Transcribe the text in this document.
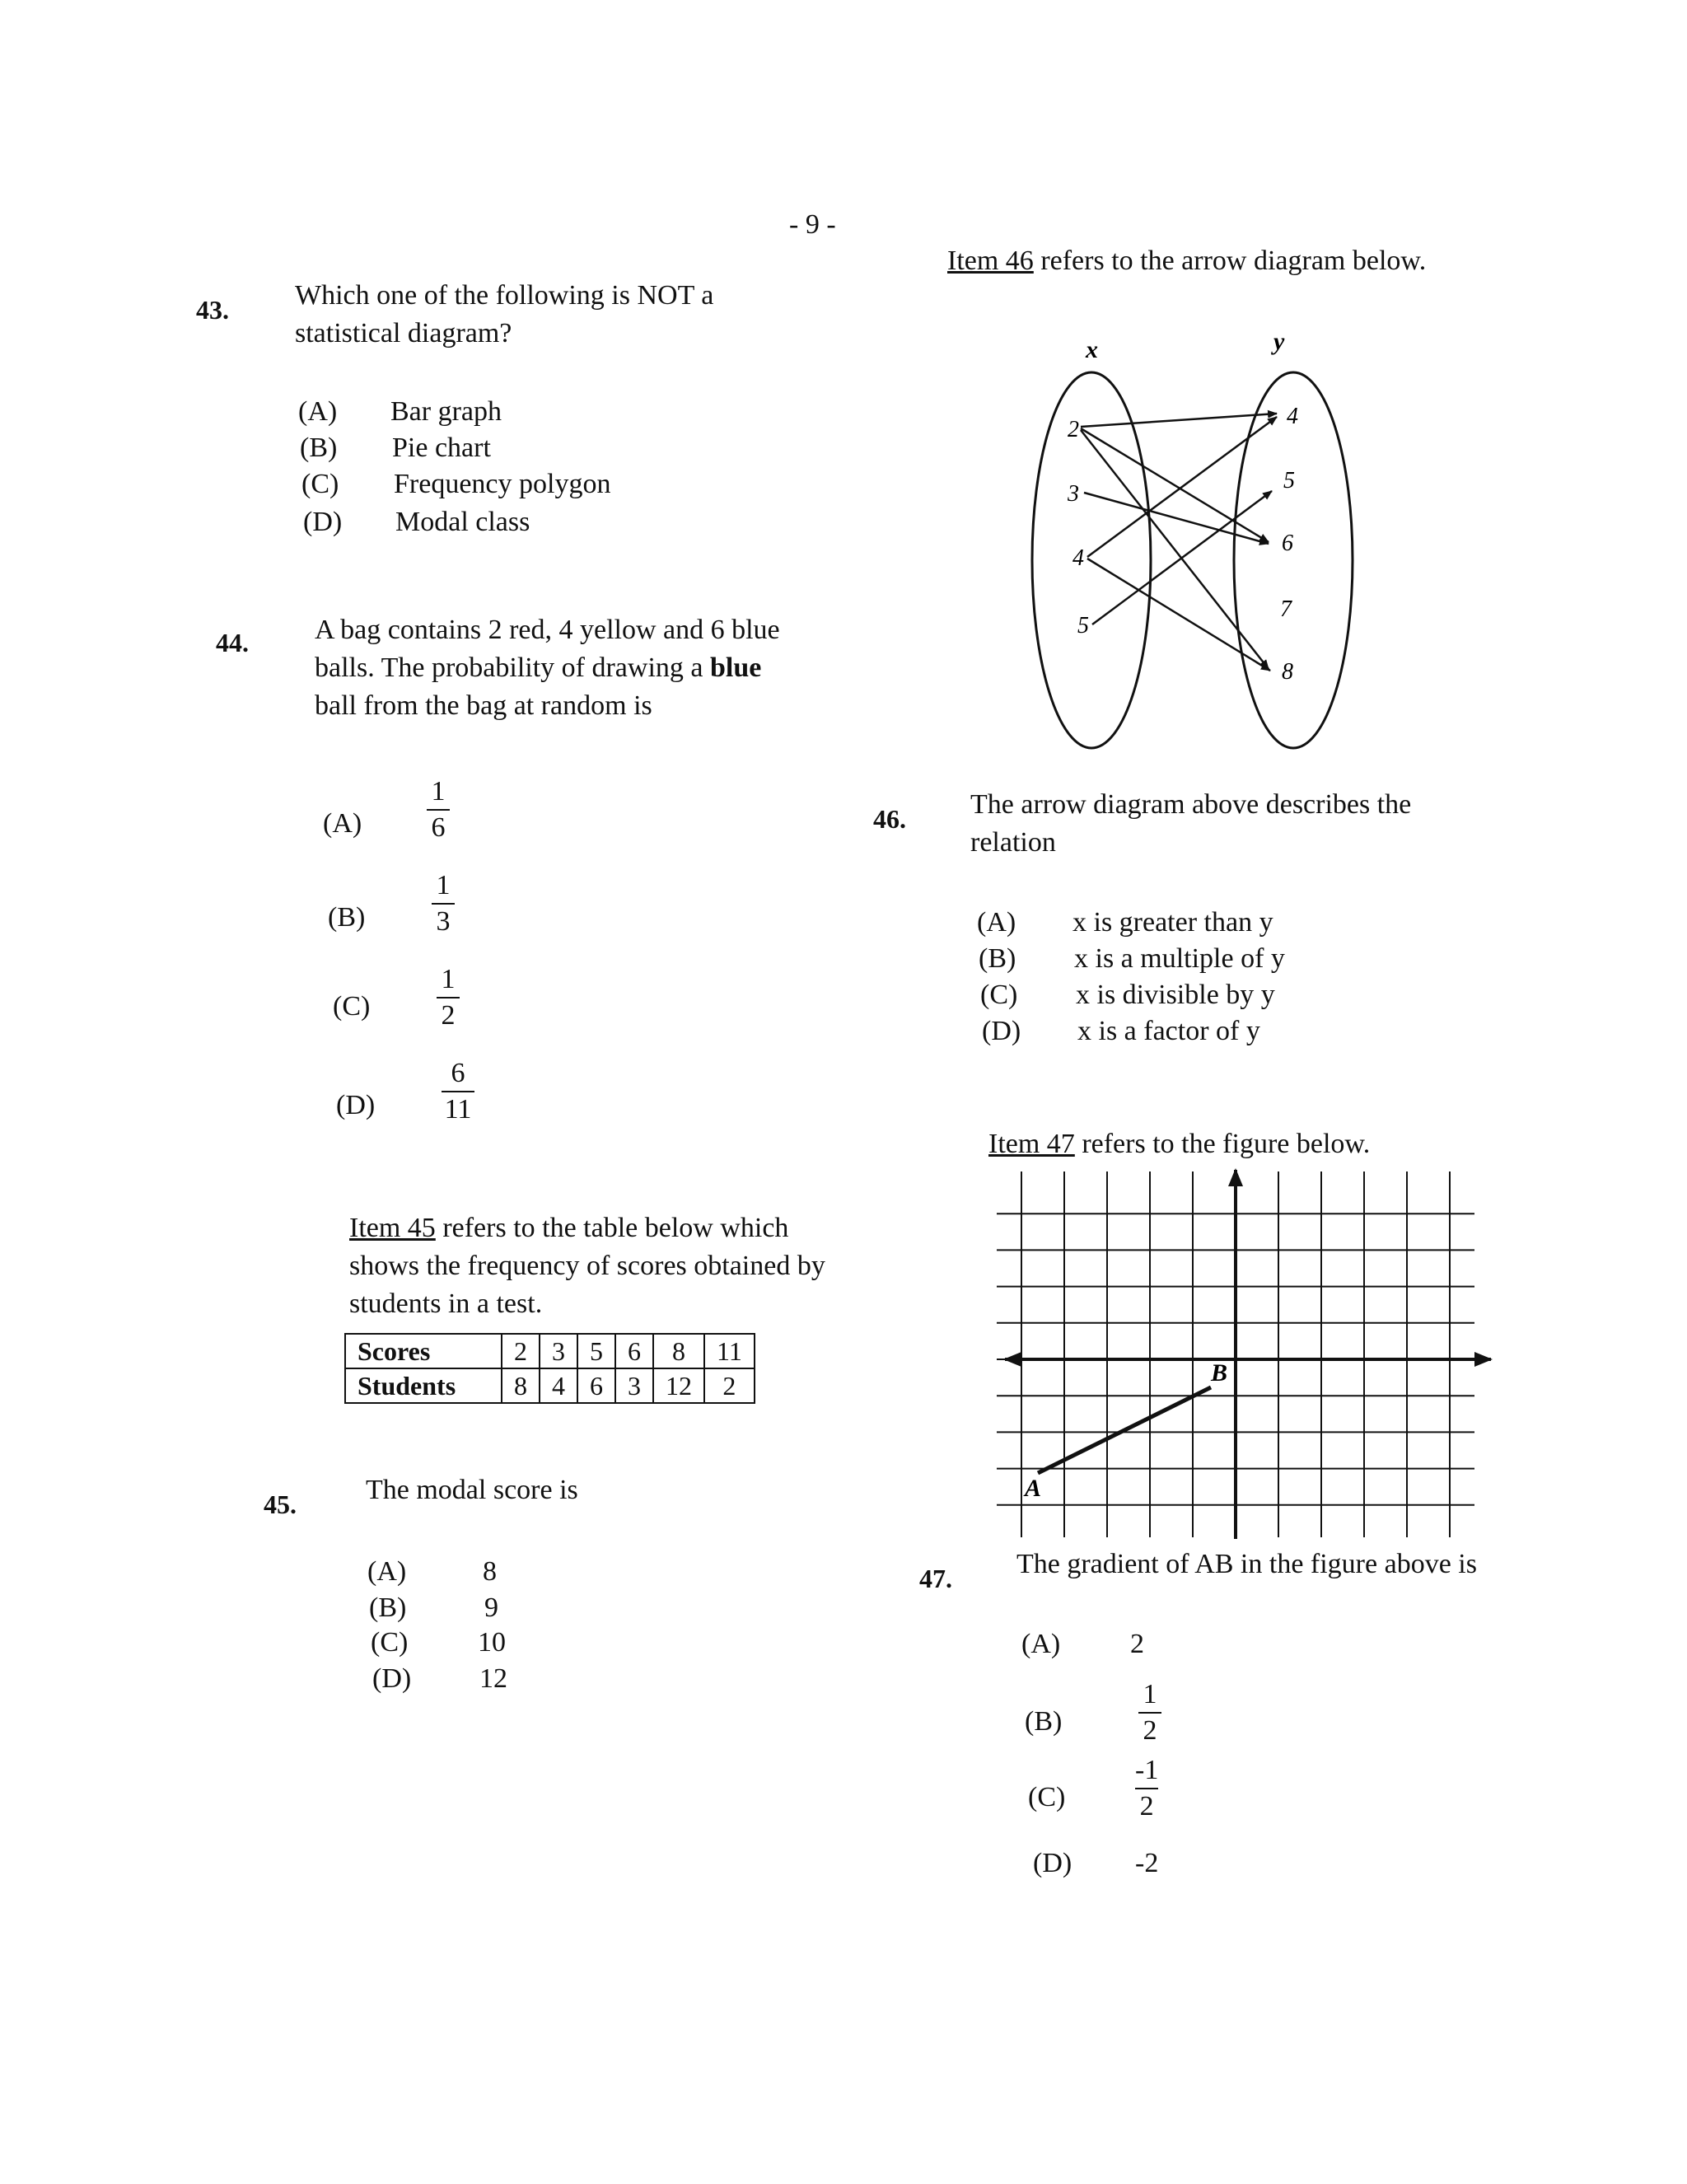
- 9 -
43. Which one of the following is NOT a
statistical diagram?
(A) Bar graph
(B) Pie chart
(C) Frequency polygon
(D) Modal class
44. A bag contains 2 red, 4 yellow and 6 blue
balls. The probability of drawing a blue
ball from the bag at random is
(A)
1
6
(B)
1
3
(C)
1
2
(D)
6
11
Item 45 refers to the table below which
shows the frequency of scores obtained by
students in a test.
Scores	2	3	5	6	8	11
Students	8	4	6	3	12	2
45. The modal score is
(A)	8
(B)	9
(C) 10
(D) 12
Item 46 refers to the arrow diagram below.
x	y
2
3
4
5
4
5
6
7
8
46. The arrow diagram above describes the
relation
(A) x is greater than y
(B) x is a multiple of y
(C) x is divisible by y
(D) x is a factor of y
Item 47 refers to the figure below.
A
B
47. The gradient of AB in the figure above is
(A) 2
(B)
1
2
(C)
-1
2
(D) -2
